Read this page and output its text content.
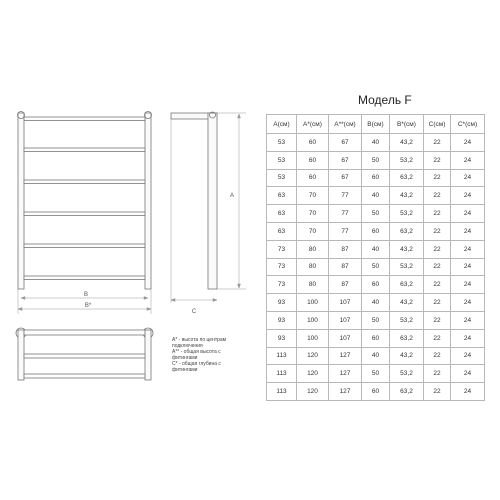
B
B*
A
C
Модель F
A* - высота по центрам
подключения
A** - общая высота с
фитингами
C* - общая глубина с
фитингами
A(см)	A*(см)	A**(см)	B(см)	B*(см)	C(см)	C*(см)
53	60	67	40	43,2	22	24
53	60	67	50	53,2	22	24
53	60	67	60	63,2	22	24
63	70	77	40	43,2	22	24
63	70	77	50	53,2	22	24
63	70	77	60	63,2	22	24
73	80	87	40	43,2	22	24
73	80	87	50	53,2	22	24
73	80	87	60	63,2	22	24
93	100	107	40	43,2	22	24
93	100	107	50	53,2	22	24
93	100	107	60	63,2	22	24
113	120	127	40	43,2	22	24
113	120	127	50	53,2	22	24
113	120	127	60	63,2	22	24
